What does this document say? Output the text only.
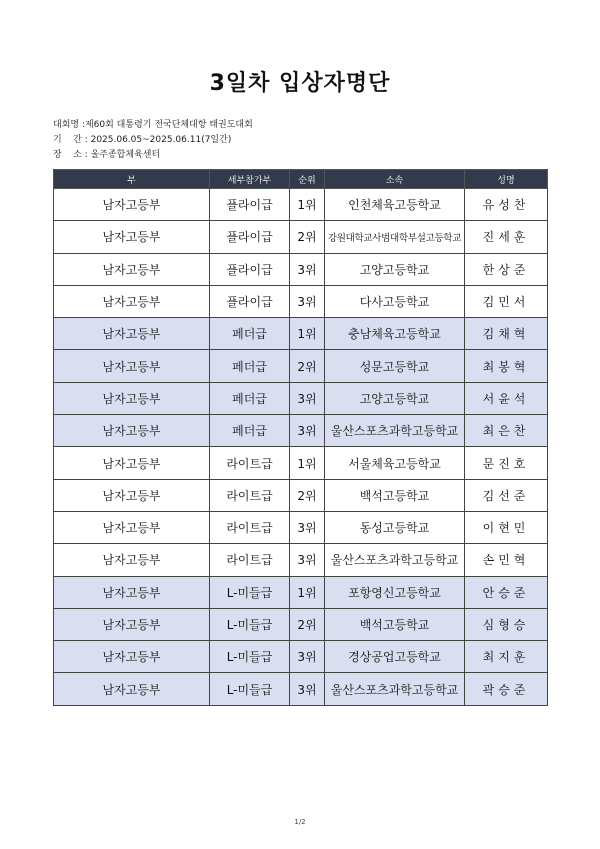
3일차 입상자명단
대회명 :제60회 대통령기 전국단체대항 태권도대회
기    간 : 2025.06.05~2025.06.11(7일간)
장    소 : 울주종합체육센터
부	세부참가부	순위	소속	성명
남자고등부	플라이급	1위	인천체육고등학교	유성찬
남자고등부	플라이급	2위	강원대학교사범대학부설고등학교	진세훈
남자고등부	플라이급	3위	고양고등학교	한상준
남자고등부	플라이급	3위	다사고등학교	김민서
남자고등부	페더급	1위	충남체육고등학교	김채혁
남자고등부	페더급	2위	성문고등학교	최봉혁
남자고등부	페더급	3위	고양고등학교	서윤석
남자고등부	페더급	3위	울산스포츠과학고등학교	최은찬
남자고등부	라이트급	1위	서울체육고등학교	문진호
남자고등부	라이트급	2위	백석고등학교	김선준
남자고등부	라이트급	3위	동성고등학교	이현민
남자고등부	라이트급	3위	울산스포츠과학고등학교	손민혁
남자고등부	L-미들급	1위	포항영신고등학교	안승준
남자고등부	L-미들급	2위	백석고등학교	심형승
남자고등부	L-미들급	3위	경상공업고등학교	최지훈
남자고등부	L-미들급	3위	울산스포츠과학고등학교	곽승준
1/2
